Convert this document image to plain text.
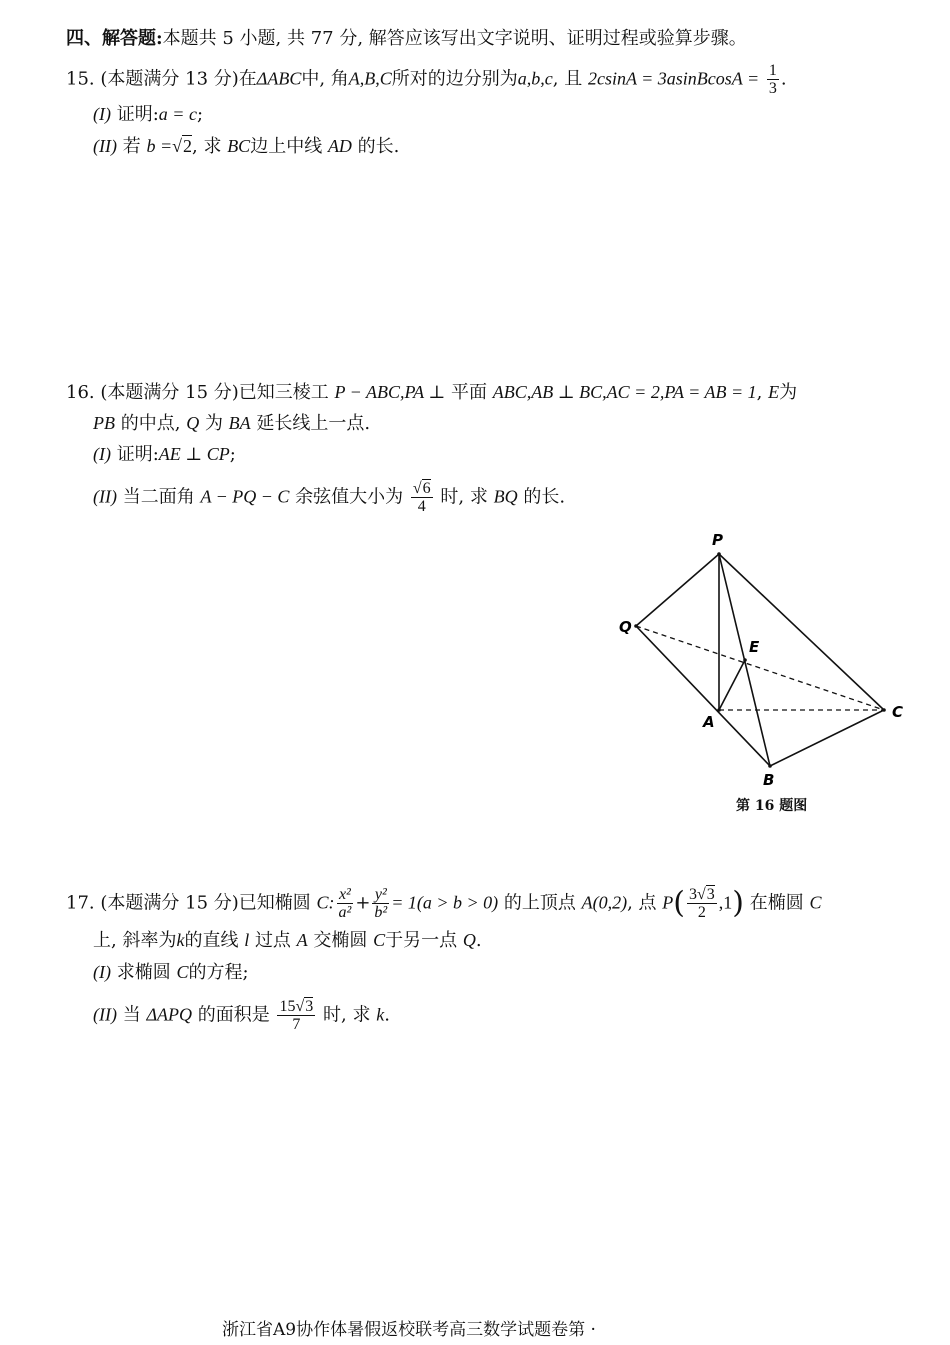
四、解答题:本题共 5 小题, 共 77 分, 解答应该写出文字说明、证明过程或验算步骤。
15. (本题满分 13 分)在ΔABC中, 角A,B,C所对的边分别为a,b,c, 且 2csinA = 3asinBcosA = $\frac{1}{3}$ .
(I) 证明:a = c;
(II) 若 b =√2, 求 BC边上中线 AD 的长.
16. (本题满分 15 分)已知三棱工 P − ABC,PA ⊥ 平面 ABC,AB ⊥ BC,AC = 2,PA = AB = 1, E为
PB 的中点, Q 为 BA 延长线上一点.
(I) 证明:AE ⊥ CP;
(II) 当二面角 A − PQ − C 余弦值大小为 $\frac{√6}{4}$ 时, 求 BQ 的长.
P
Q
E
A
C
B
第 16 题图
17. (本题满分 15 分)已知椭圆 C: $\frac{\text{x²}}{\text{a²}} + \frac{\text{y²}}{\text{b²}} = 1(a > b > 0)$ 的上顶点 A(0,2), 点 $P( \frac{3√3}{2} ,1)$ 在椭圆 C
上, 斜率为k的直线 l 过点 A 交椭圆 C于另一点 Q.
(I) 求椭圆 C的方程;
(II) 当 ΔAPQ 的面积是 $\frac{15√3}{7}$ 时, 求 k.
浙江省A9协作体暑假返校联考高三数学试题卷第 ·
